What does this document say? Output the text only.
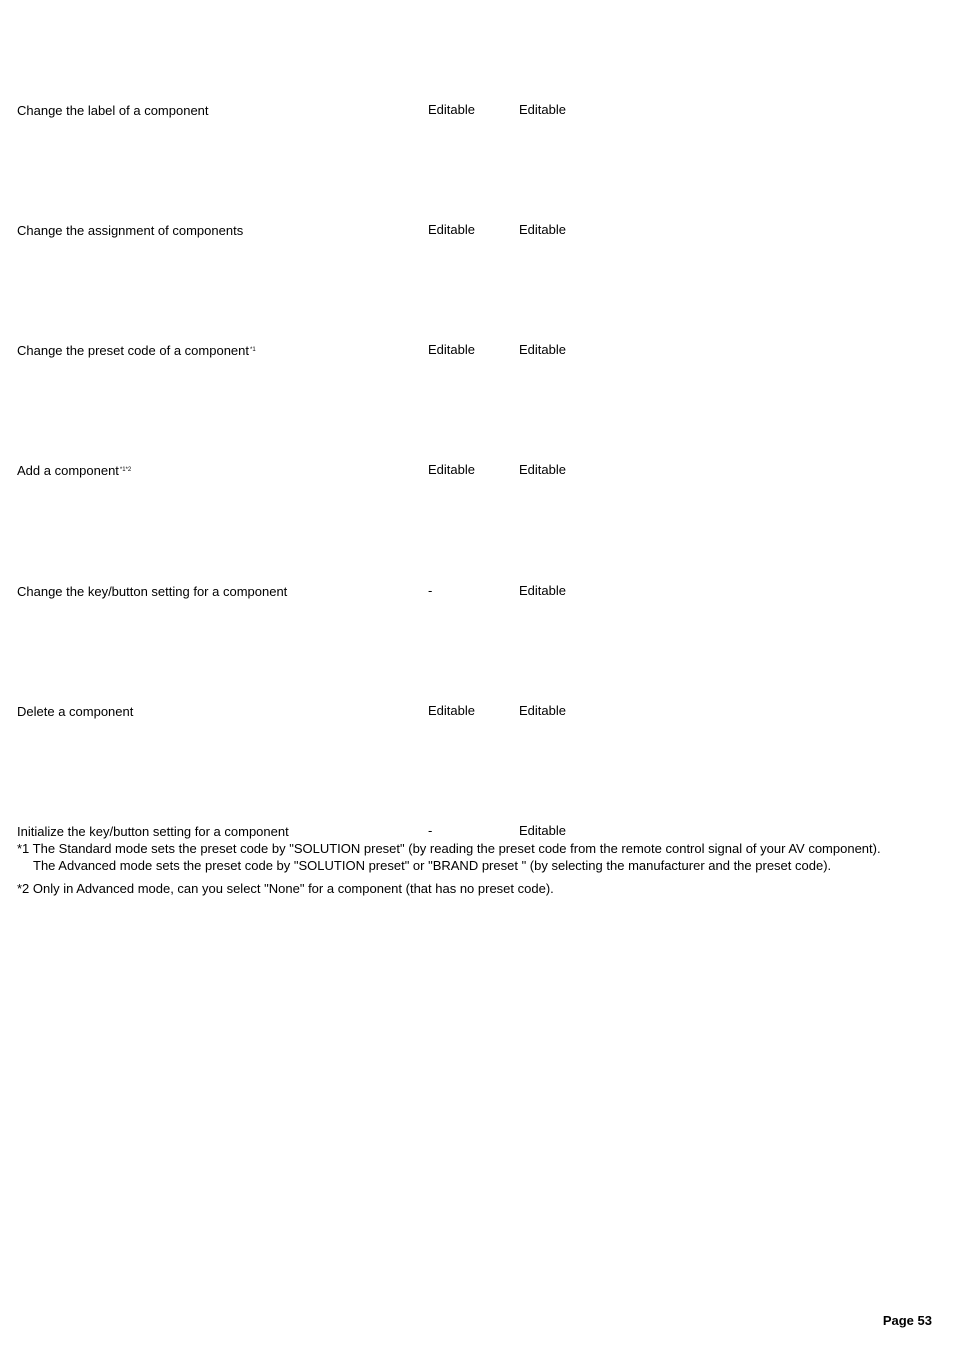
Change the label of a component	Editable	Editable
Change the assignment of components	Editable	Editable
Change the preset code of a component$^{*1}$	Editable	Editable
Add a component$^{*1*2}$	Editable	Editable
Change the key/button setting for a component	-	Editable
Delete a component	Editable	Editable
Initialize the key/button setting for a component	-	Editable
*1 The Standard mode sets the preset code by "SOLUTION preset" (by reading the preset code from the remote control signal of your AV component).
The Advanced mode sets the preset code by "SOLUTION preset" or "BRAND preset " (by selecting the manufacturer and the preset code).
*2 Only in Advanced mode, can you select "None" for a component (that has no preset code).
Page 53
